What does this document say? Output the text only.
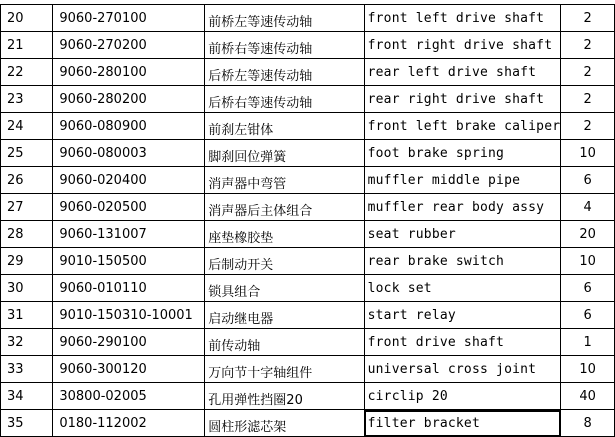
20	9060-270100	前桥左等速传动轴	front left drive shaft	2
21	9060-270200	前桥右等速传动轴	front right drive shaft	2
22	9060-280100	后桥左等速传动轴	rear left drive shaft	2
23	9060-280200	后桥右等速传动轴	rear right drive shaft	2
24	9060-080900	前刹左钳体	front left brake caliper	2
25	9060-080003	脚刹回位弹簧	foot brake spring	10
26	9060-020400	消声器中弯管	muffler middle pipe	6
27	9060-020500	消声器后主体组合	muffler rear body assy	4
28	9060-131007	座垫橡胶垫	seat rubber	20
29	9010-150500	后制动开关	rear brake switch	10
30	9060-010110	锁具组合	lock set	6
31	9010-150310-10001	启动继电器	start relay	6
32	9060-290100	前传动轴	front drive shaft	1
33	9060-300120	万向节十字轴组件	universal cross joint	10
34	30800-02005	孔用弹性挡圈20	circlip 20	40
35	0180-112002	圆柱形滤芯架	filter bracket	8
